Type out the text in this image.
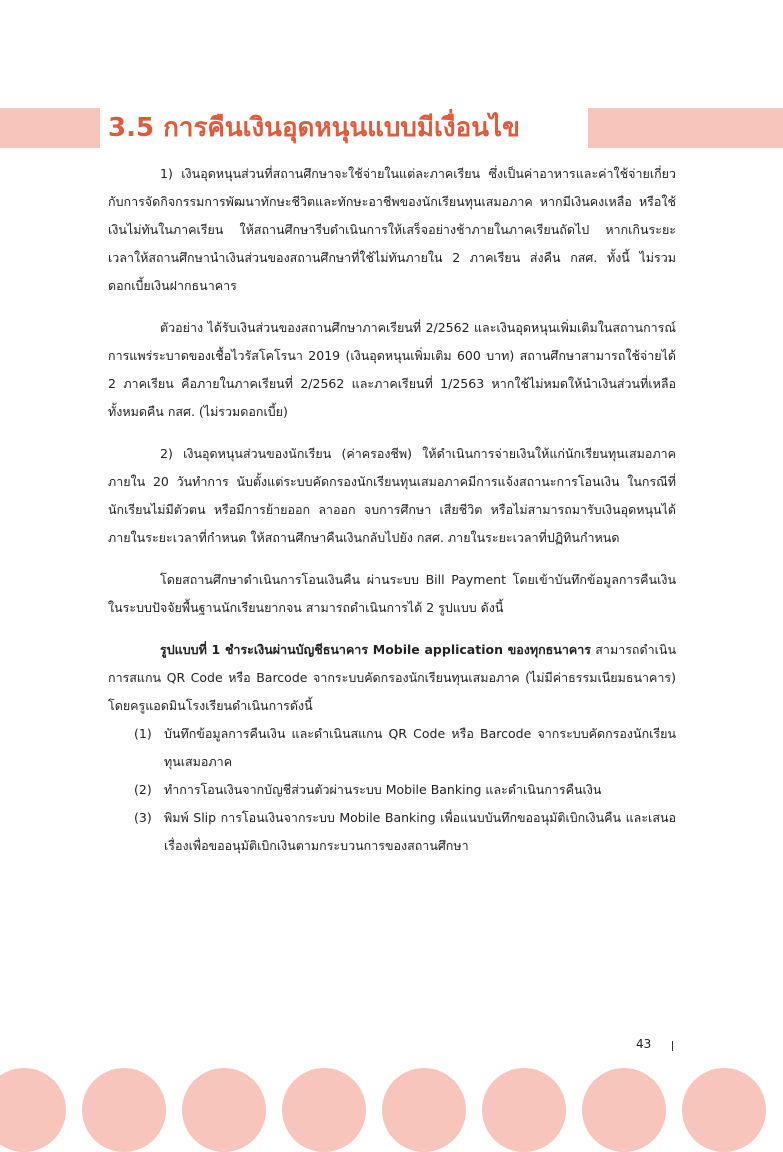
3.5 การคืนเงินอุดหนุนแบบมีเงื่อนไข

1) เงินอุดหนุนส่วนที่สถานศึกษาจะใช้จ่ายในแต่ละภาคเรียน ซึ่งเป็นค่าอาหารและค่าใช้จ่ายเกี่ยวกับการจัดกิจกรรมการพัฒนาทักษะชีวิตและทักษะอาชีพของนักเรียนทุนเสมอภาค หากมีเงินคงเหลือ หรือใช้เงินไม่ทันในภาคเรียน ให้สถานศึกษารีบดำเนินการให้เสร็จอย่างช้าภายในภาคเรียนถัดไป หากเกินระยะเวลาให้สถานศึกษานำเงินส่วนของสถานศึกษาที่ใช้ไม่ทันภายใน 2 ภาคเรียน ส่งคืน กสศ. ทั้งนี้ ไม่รวมดอกเบี้ยเงินฝากธนาคาร

ตัวอย่าง ได้รับเงินส่วนของสถานศึกษาภาคเรียนที่ 2/2562 และเงินอุดหนุนเพิ่มเติมในสถานการณ์การแพร่ระบาดของเชื้อไวรัสโคโรนา 2019 (เงินอุดหนุนเพิ่มเติม 600 บาท) สถานศึกษาสามารถใช้จ่ายได้ 2 ภาคเรียน คือภายในภาคเรียนที่ 2/2562 และภาคเรียนที่ 1/2563 หากใช้ไม่หมดให้นำเงินส่วนที่เหลือทั้งหมดคืน กสศ. (ไม่รวมดอกเบี้ย)

2) เงินอุดหนุนส่วนของนักเรียน (ค่าครองชีพ) ให้ดำเนินการจ่ายเงินให้แก่นักเรียนทุนเสมอภาคภายใน 20 วันทำการ นับตั้งแต่ระบบคัดกรองนักเรียนทุนเสมอภาคมีการแจ้งสถานะการโอนเงิน ในกรณีที่นักเรียนไม่มีตัวตน หรือมีการย้ายออก ลาออก จบการศึกษา เสียชีวิต หรือไม่สามารถมารับเงินอุดหนุนได้ภายในระยะเวลาที่กำหนด ให้สถานศึกษาคืนเงินกลับไปยัง กสศ. ภายในระยะเวลาที่ปฏิทินกำหนด

โดยสถานศึกษาดำเนินการโอนเงินคืน ผ่านระบบ Bill Payment โดยเข้าบันทึกข้อมูลการคืนเงินในระบบปัจจัยพื้นฐานนักเรียนยากจน สามารถดำเนินการได้ 2 รูปแบบ ดังนี้

รูปแบบที่ 1 ชำระเงินผ่านบัญชีธนาคาร Mobile application ของทุกธนาคาร สามารถดำเนินการสแกน QR Code หรือ Barcode จากระบบคัดกรองนักเรียนทุนเสมอภาค (ไม่มีค่าธรรมเนียมธนาคาร) โดยครูแอดมินโรงเรียนดำเนินการดังนี้

(1) บันทึกข้อมูลการคืนเงิน และดำเนินสแกน QR Code หรือ Barcode จากระบบคัดกรองนักเรียนทุนเสมอภาค
(2) ทำการโอนเงินจากบัญชีส่วนตัวผ่านระบบ Mobile Banking และดำเนินการคืนเงิน
(3) พิมพ์ Slip การโอนเงินจากระบบ Mobile Banking เพื่อแนบบันทึกขออนุมัติเบิกเงินคืน และเสนอเรื่องเพื่อขออนุมัติเบิกเงินตามกระบวนการของสถานศึกษา
43
